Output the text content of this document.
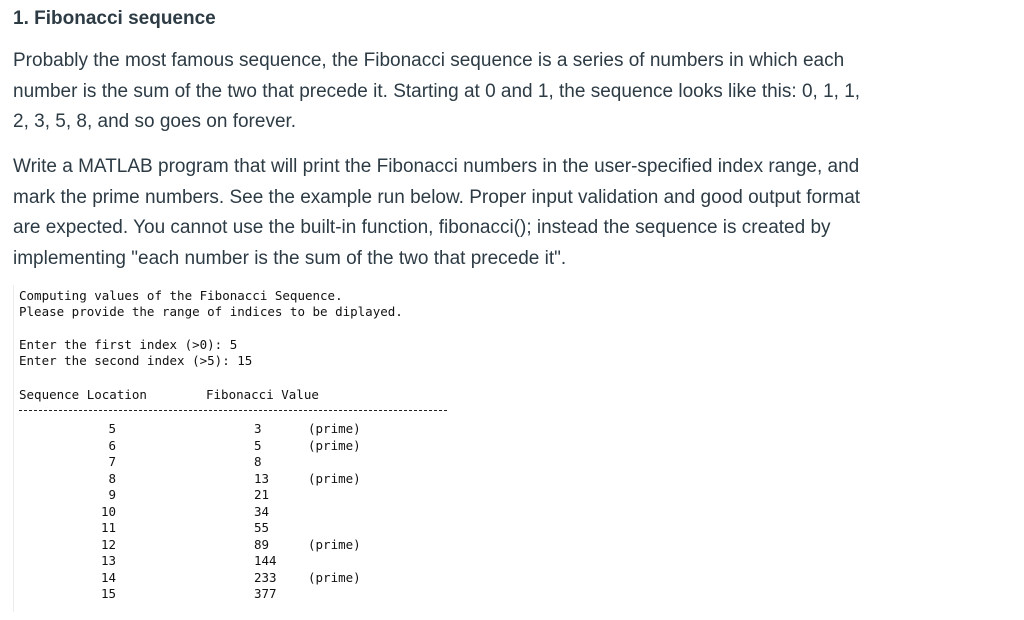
1. Fibonacci sequence

Probably the most famous sequence, the Fibonacci sequence is a series of numbers in which each number is the sum of the two that precede it. Starting at 0 and 1, the sequence looks like this: 0, 1, 1, 2, 3, 5, 8, and so goes on forever.

Write a MATLAB program that will print the Fibonacci numbers in the user-specified index range, and mark the prime numbers. See the example run below. Proper input validation and good output format are expected. You cannot use the built-in function, fibonacci(); instead the sequence is created by implementing "each number is the sum of the two that precede it".

Computing values of the Fibonacci Sequence.
Please provide the range of indices to be diplayed.
Enter the first index (>0): 5
Enter the second index (>5): 15
Sequence Location	Fibonacci Value
5	3	(prime)
6	5	(prime)
7	8
8	13	(prime)
9	21
10	34
11	55
12	89	(prime)
13	144
14	233	(prime)
15	377
